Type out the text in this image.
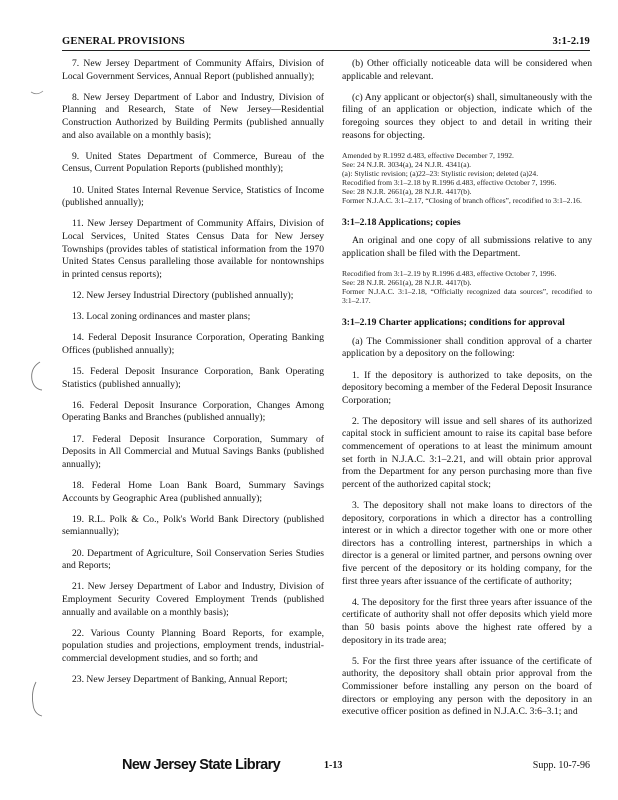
GENERAL PROVISIONS	3:1-2.19

7. New Jersey Department of Community Affairs, Division of Local Government Services, Annual Report (published annually);

8. New Jersey Department of Labor and Industry, Division of Planning and Research, State of New Jersey—Residential Construction Authorized by Building Permits (published annually and also available on a monthly basis);

9. United States Department of Commerce, Bureau of the Census, Current Population Reports (published monthly);

10. United States Internal Revenue Service, Statistics of Income (published annually);

11. New Jersey Department of Community Affairs, Division of Local Services, United States Census Data for New Jersey Townships (provides tables of statistical information from the 1970 United States Census paralleling those available for nontownships in printed census reports);

12. New Jersey Industrial Directory (published annually);

13. Local zoning ordinances and master plans;

14. Federal Deposit Insurance Corporation, Operating Banking Offices (published annually);

15. Federal Deposit Insurance Corporation, Bank Operating Statistics (published annually);

16. Federal Deposit Insurance Corporation, Changes Among Operating Banks and Branches (published annually);

17. Federal Deposit Insurance Corporation, Summary of Deposits in All Commercial and Mutual Savings Banks (published annually);

18. Federal Home Loan Bank Board, Summary Savings Accounts by Geographic Area (published annually);

19. R.L. Polk & Co., Polk's World Bank Directory (published semiannually);

20. Department of Agriculture, Soil Conservation Series Studies and Reports;

21. New Jersey Department of Labor and Industry, Division of Employment Security Covered Employment Trends (published annually and available on a monthly basis);

22. Various County Planning Board Reports, for example, population studies and projections, employment trends, industrial-commercial development studies, and so forth; and

23. New Jersey Department of Banking, Annual Report;

(b) Other officially noticeable data will be considered when applicable and relevant.

(c) Any applicant or objector(s) shall, simultaneously with the filing of an application or objection, indicate which of the foregoing sources they object to and detail in writing their reasons for objecting.

Amended by R.1992 d.483, effective December 7, 1992.
See: 24 N.J.R. 3034(a), 24 N.J.R. 4341(a).
(a): Stylistic revision; (a)22–23: Stylistic revision; deleted (a)24.
Recodified from 3:1–2.18 by R.1996 d.483, effective October 7, 1996.
See: 28 N.J.R. 2661(a), 28 N.J.R. 4417(b).
Former N.J.A.C. 3:1–2.17, “Closing of branch offices”, recodified to 3:1–2.16.
3:1–2.18 Applications; copies

An original and one copy of all submissions relative to any application shall be filed with the Department.

Recodified from 3:1–2.19 by R.1996 d.483, effective October 7, 1996.
See: 28 N.J.R. 2661(a), 28 N.J.R. 4417(b).
Former N.J.A.C. 3:1–2.18, “Officially recognized data sources”, recodified to 3:1–2.17.
3:1–2.19 Charter applications; conditions for approval

(a) The Commissioner shall condition approval of a charter application by a depository on the following:

1. If the depository is authorized to take deposits, on the depository becoming a member of the Federal Deposit Insurance Corporation;

2. The depository will issue and sell shares of its authorized capital stock in sufficient amount to raise its capital base before commencement of operations to at least the minimum amount set forth in N.J.A.C. 3:1–2.21, and will obtain prior approval from the Department for any person purchasing more than five percent of the authorized capital stock;

3. The depository shall not make loans to directors of the depository, corporations in which a director has a controlling interest or in which a director together with one or more other directors has a controlling interest, partnerships in which a director is a general or limited partner, and persons owning over five percent of the depository or its holding company, for the first three years after issuance of the certificate of authority;

4. The depository for the first three years after issuance of the certificate of authority shall not offer deposits which yield more than 50 basis points above the highest rate offered by a depository in its trade area;

5. For the first three years after issuance of the certificate of authority, the depository shall obtain prior approval from the Commissioner before installing any person on the board of directors or employing any person with the depository in an executive officer position as defined in N.J.A.C. 3:6–3.1; and

New Jersey State Library	1-13	Supp. 10-7-96
